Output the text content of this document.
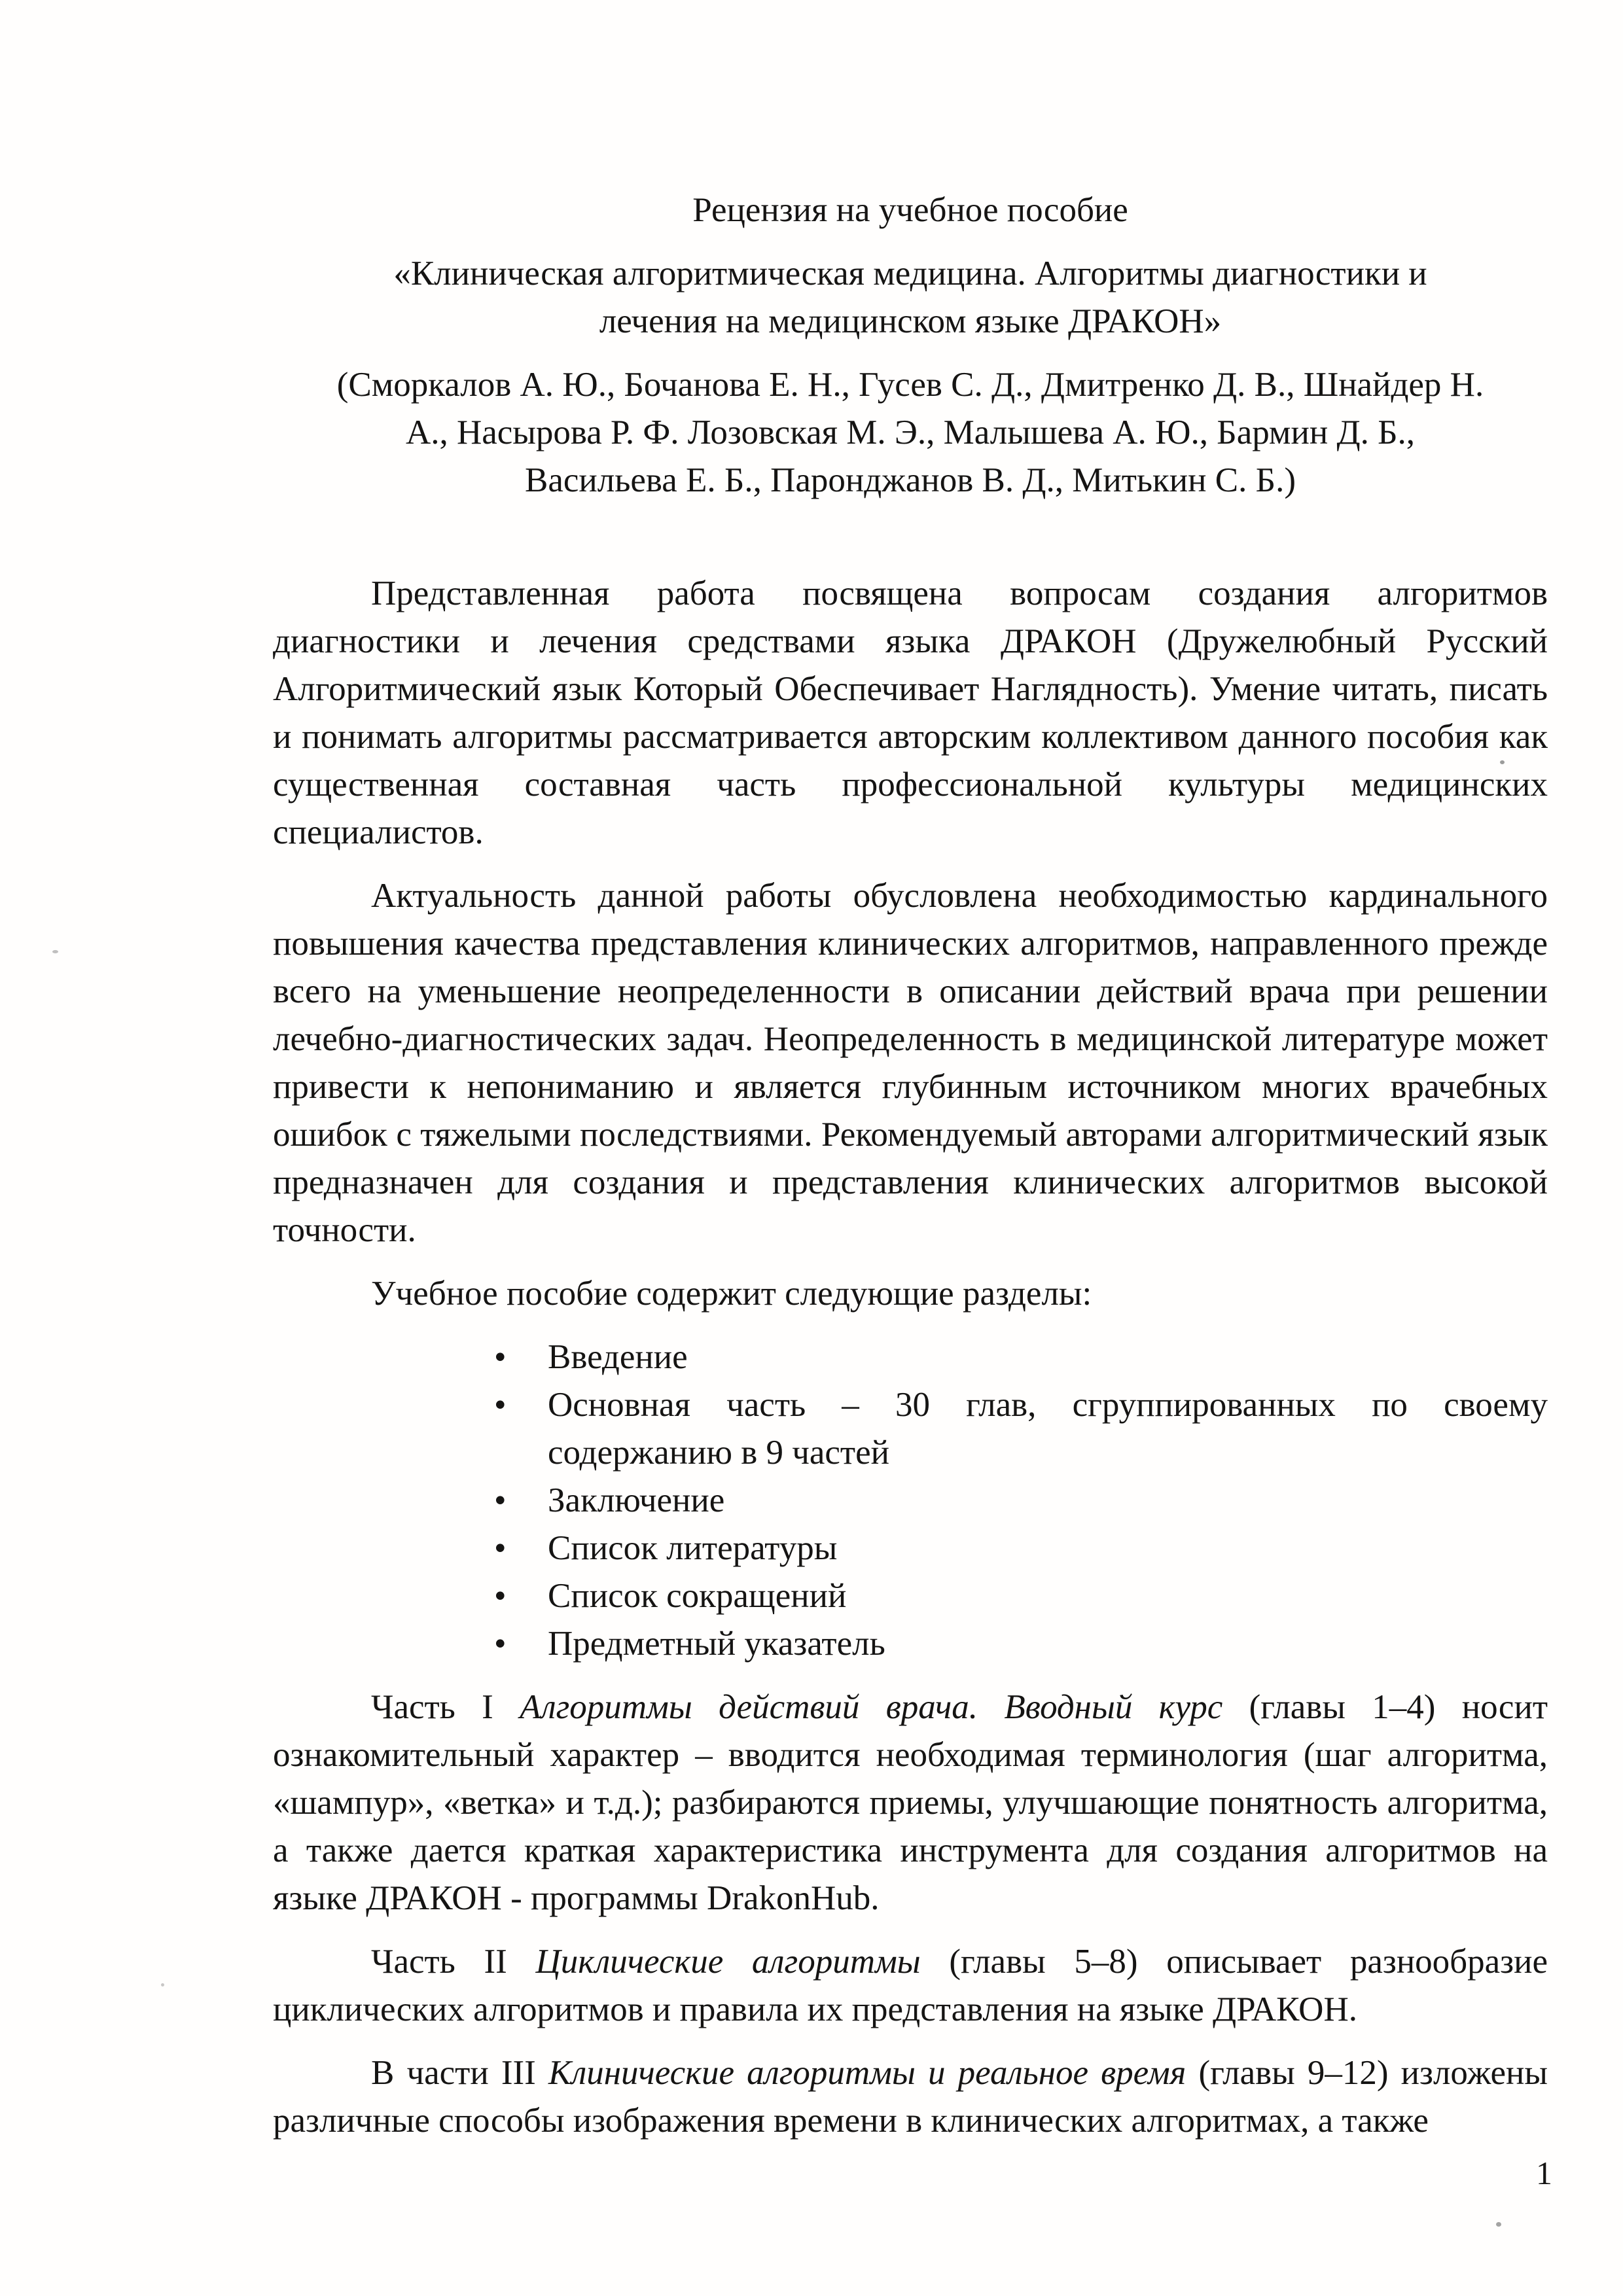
Рецензия на учебное пособие
«Клиническая алгоритмическая медицина. Алгоритмы диагностики и
лечения на медицинском языке ДРАКОН»
(Сморкалов А. Ю., Бочанова Е. Н., Гусев С. Д., Дмитренко Д. В., Шнайдер Н.
А., Насырова Р. Ф. Лозовская М. Э., Малышева А. Ю., Бармин Д. Б.,
Васильева Е. Б., Паронджанов В. Д., Митькин С. Б.)

Представленная работа посвящена вопросам создания алгоритмов диагностики и лечения средствами языка ДРАКОН (Дружелюбный Русский Алгоритмический язык Который Обеспечивает Наглядность). Умение читать, писать и понимать алгоритмы рассматривается авторским коллективом данного пособия как существенная составная часть профессиональной культуры медицинских специалистов.

Актуальность данной работы обусловлена необходимостью кардинального повышения качества представления клинических алгоритмов, направленного прежде всего на уменьшение неопределенности в описании действий врача при решении лечебно-диагностических задач. Неопределенность в медицинской литературе может привести к непониманию и является глубинным источником многих врачебных ошибок с тяжелыми последствиями. Рекомендуемый авторами алгоритмический язык предназначен для создания и представления клинических алгоритмов высокой точности.

Учебное пособие содержит следующие разделы:

• Введение
• Основная часть – 30 глав, сгруппированных по своему содержанию в 9 частей
• Заключение
• Список литературы
• Список сокращений
• Предметный указатель

Часть I Алгоритмы действий врача. Вводный курс (главы 1–4) носит ознакомительный характер – вводится необходимая терминология (шаг алгоритма, «шампур», «ветка» и т.д.); разбираются приемы, улучшающие понятность алгоритма, а также дается краткая характеристика инструмента для создания алгоритмов на языке ДРАКОН - программы DrakonHub.

Часть II Циклические алгоритмы (главы 5–8) описывает разнообразие циклических алгоритмов и правила их представления на языке ДРАКОН.

В части III Клинические алгоритмы и реальное время (главы 9–12) изложены различные способы изображения времени в клинических алгоритмах, а также

1
